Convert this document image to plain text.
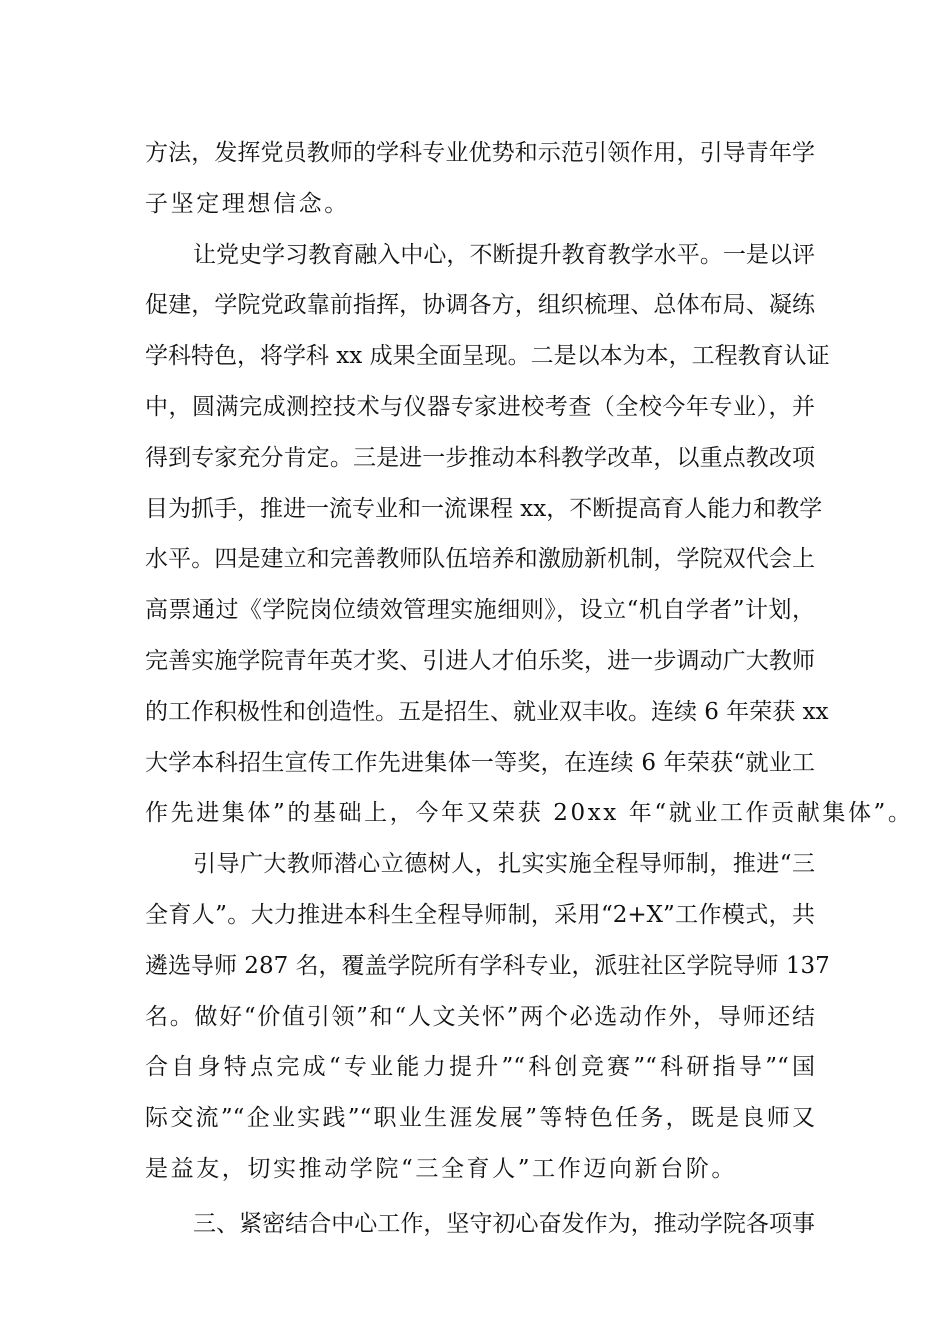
方法，发挥党员教师的学科专业优势和示范引领作用，引导青年学
子坚定理想信念。
让党史学习教育融入中心，不断提升教育教学水平。一是以评
促建，学院党政靠前指挥，协调各方，组织梳理、总体布局、凝练
学科特色，将学科 xx 成果全面呈现。二是以本为本，工程教育认证
中，圆满完成测控技术与仪器专家进校考查（全校今年专业），并
得到专家充分肯定。三是进一步推动本科教学改革，以重点教改项
目为抓手，推进一流专业和一流课程 xx，不断提高育人能力和教学
水平。四是建立和完善教师队伍培养和激励新机制，学院双代会上
高票通过《学院岗位绩效管理实施细则》，设立“机自学者”计划，
完善实施学院青年英才奖、引进人才伯乐奖，进一步调动广大教师
的工作积极性和创造性。五是招生、就业双丰收。连续 6 年荣获 xx
大学本科招生宣传工作先进集体一等奖，在连续 6 年荣获“就业工
作先进集体”的基础上，今年又荣获 20xx 年“就业工作贡献集体”。
引导广大教师潜心立德树人，扎实实施全程导师制，推进“三
全育人”。大力推进本科生全程导师制，采用“2+X”工作模式，共
遴选导师 287 名，覆盖学院所有学科专业，派驻社区学院导师 137
名。做好“价值引领”和“人文关怀”两个必选动作外，导师还结
合自身特点完成“专业能力提升”“科创竞赛”“科研指导”“国
际交流”“企业实践”“职业生涯发展”等特色任务，既是良师又
是益友，切实推动学院“三全育人”工作迈向新台阶。
三、紧密结合中心工作，坚守初心奋发作为，推动学院各项事
